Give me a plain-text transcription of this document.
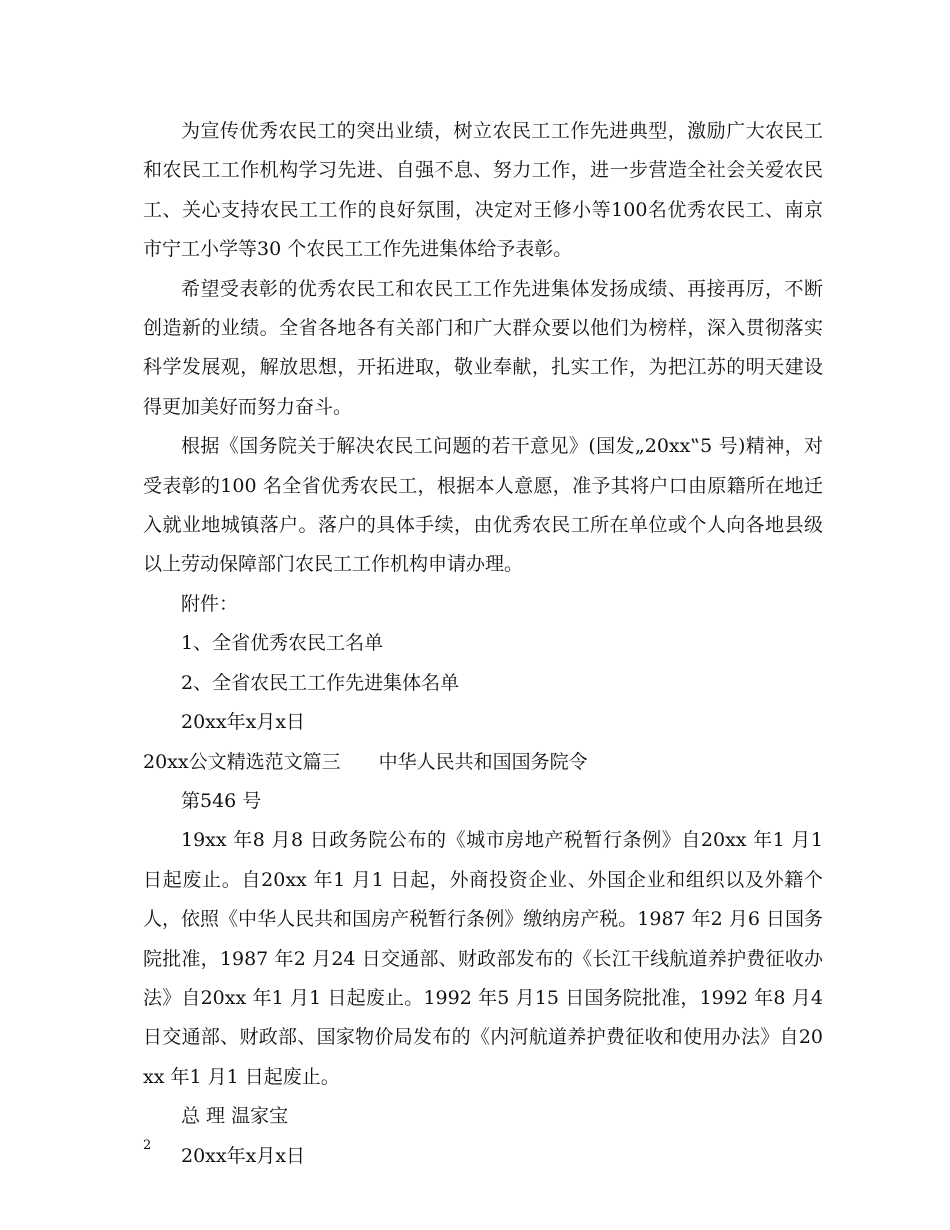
为宣传优秀农民工的突出业绩，树立农民工工作先进典型，激励广大农民工和农民工工作机构学习先进、自强不息、努力工作，进一步营造全社会关爱农民工、关心支持农民工工作的良好氛围，决定对王修小等100名优秀农民工、南京市宁工小学等30 个农民工工作先进集体给予表彰。

希望受表彰的优秀农民工和农民工工作先进集体发扬成绩、再接再厉，不断创造新的业绩。全省各地各有关部门和广大群众要以他们为榜样，深入贯彻落实科学发展观，解放思想，开拓进取，敬业奉献，扎实工作，为把江苏的明天建设得更加美好而努力奋斗。

根据《国务院关于解决农民工问题的若干意见》(国发„20xx‟5 号)精神，对受表彰的100 名全省优秀农民工，根据本人意愿，准予其将户口由原籍所在地迁入就业地城镇落户。落户的具体手续，由优秀农民工所在单位或个人向各地县级以上劳动保障部门农民工工作机构申请办理。

附件：

1、全省优秀农民工名单

2、全省农民工工作先进集体名单

20xx年x月x日

20xx公文精选范文篇三 中华人民共和国国务院令

第546 号

19xx 年8 月8 日政务院公布的《城市房地产税暂行条例》自20xx 年1 月1 日起废止。自20xx 年1 月1 日起，外商投资企业、外国企业和组织以及外籍个人，依照《中华人民共和国房产税暂行条例》缴纳房产税。1987 年2 月6 日国务院批准，1987 年2 月24 日交通部、财政部发布的《长江干线航道养护费征收办法》自20xx 年1 月1 日起废止。1992 年5 月15 日国务院批准，1992 年8 月4 日交通部、财政部、国家物价局发布的《内河航道养护费征收和使用办法》自20xx 年1 月1 日起废止。

总 理 温家宝

20xx年x月x日

2
